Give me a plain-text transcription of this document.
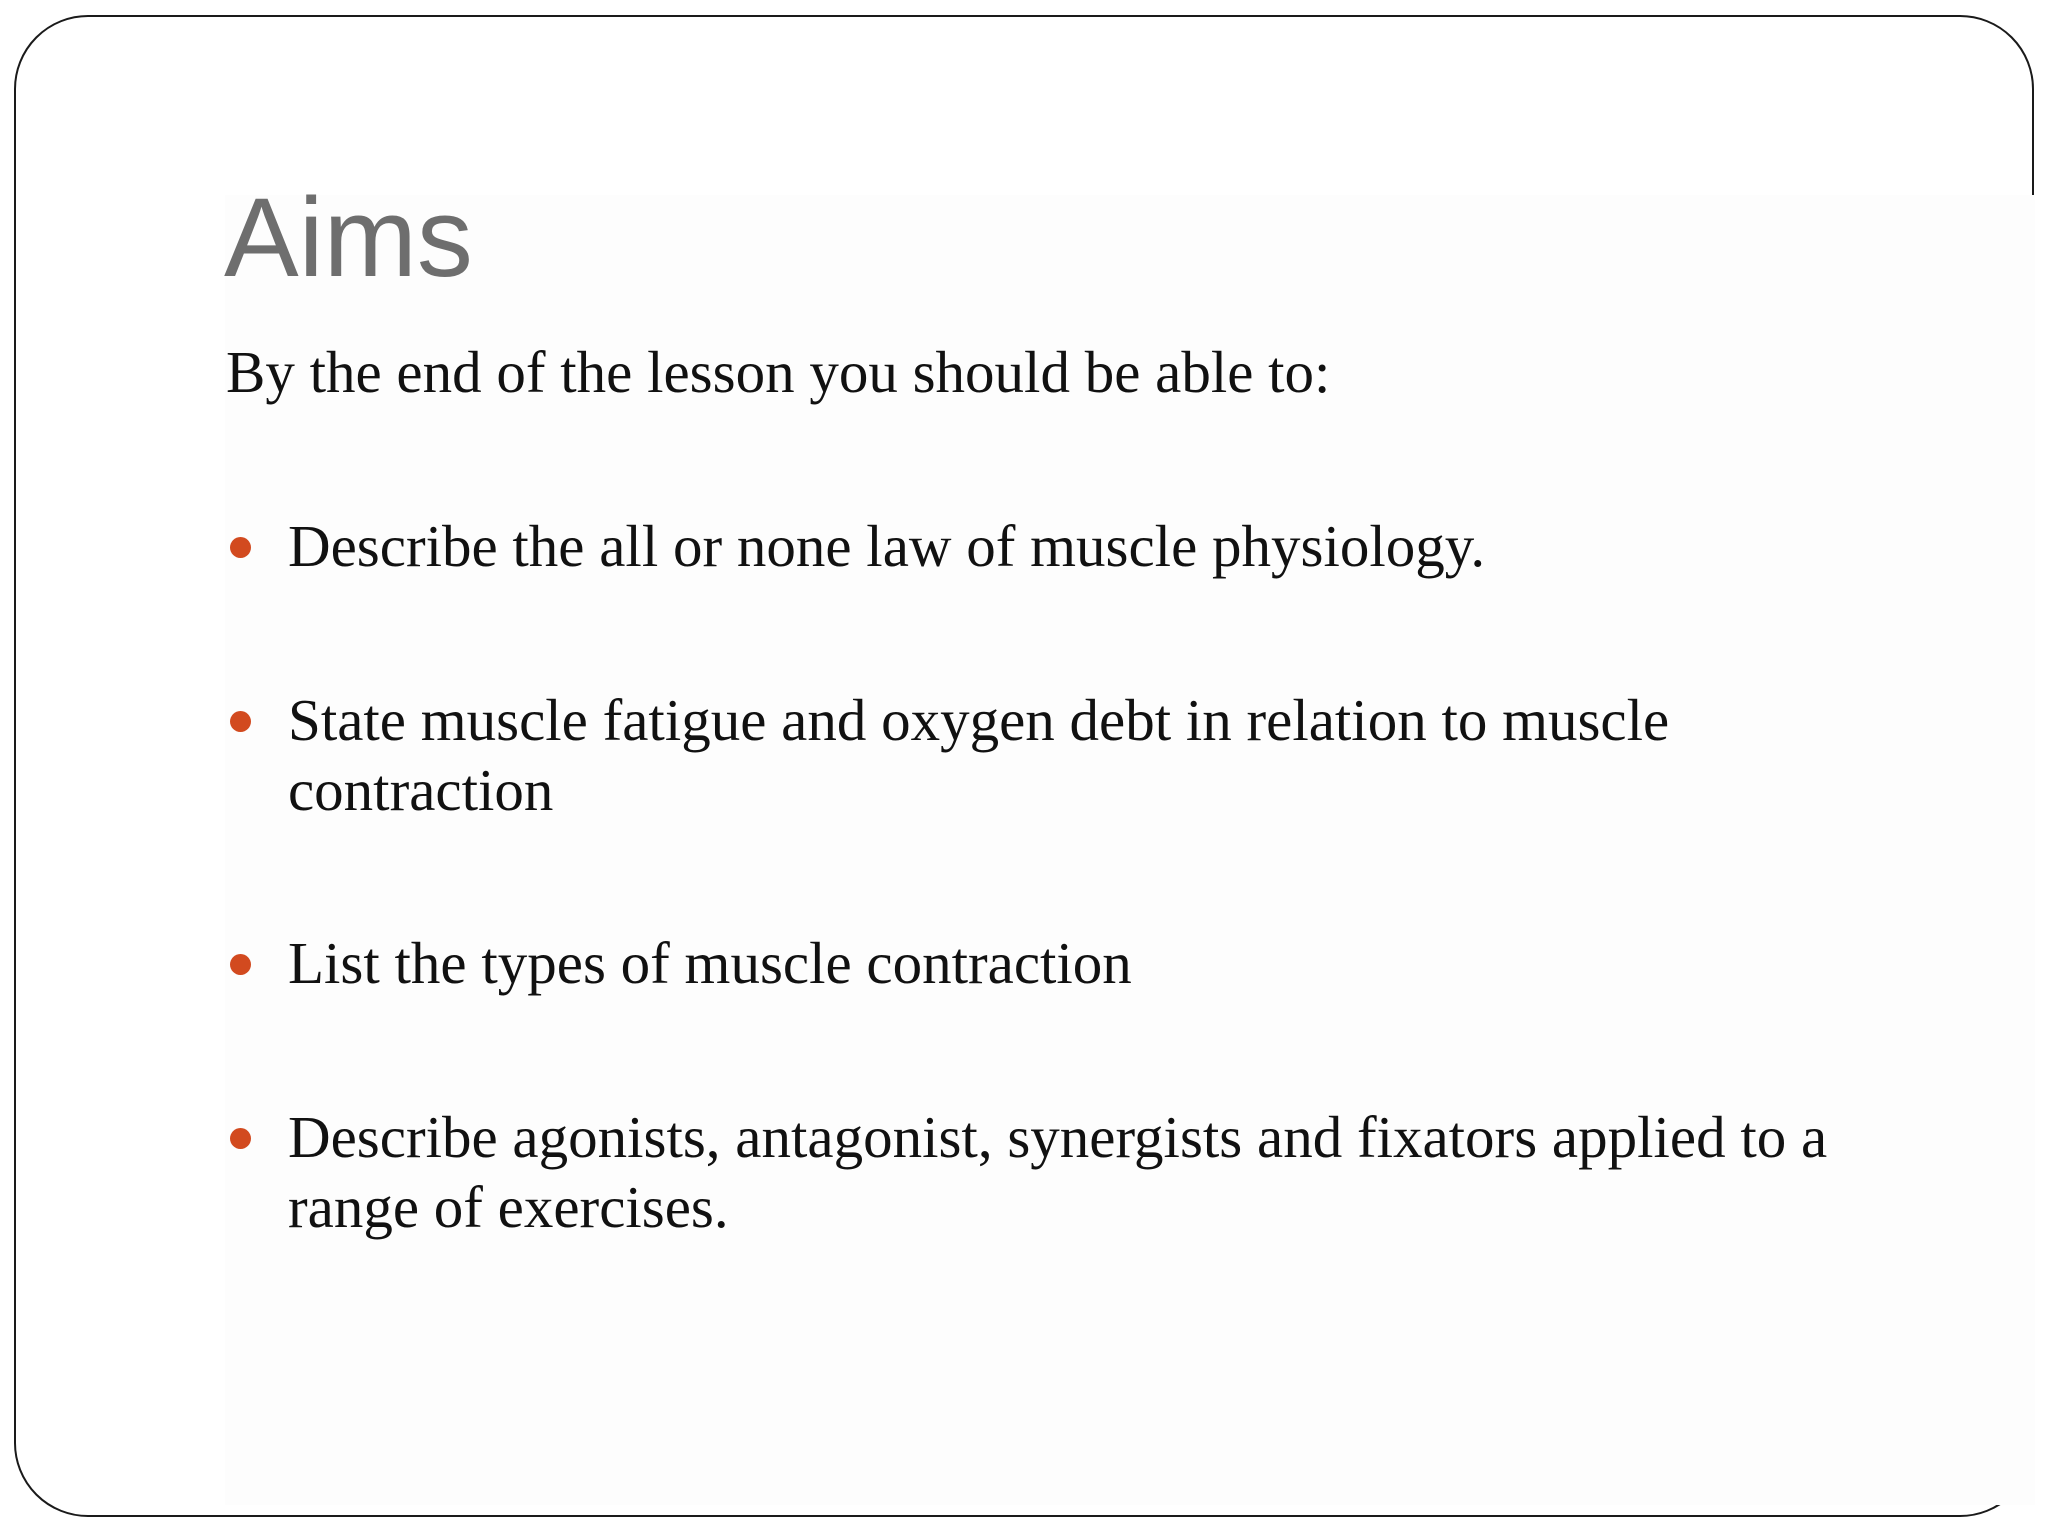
Aims

By the end of the lesson you should be able to:

Describe the all or none law of muscle physiology.
State muscle fatigue and oxygen debt in relation to muscle contraction
List the types of muscle contraction
Describe agonists, antagonist, synergists and fixators applied to a range of exercises.
